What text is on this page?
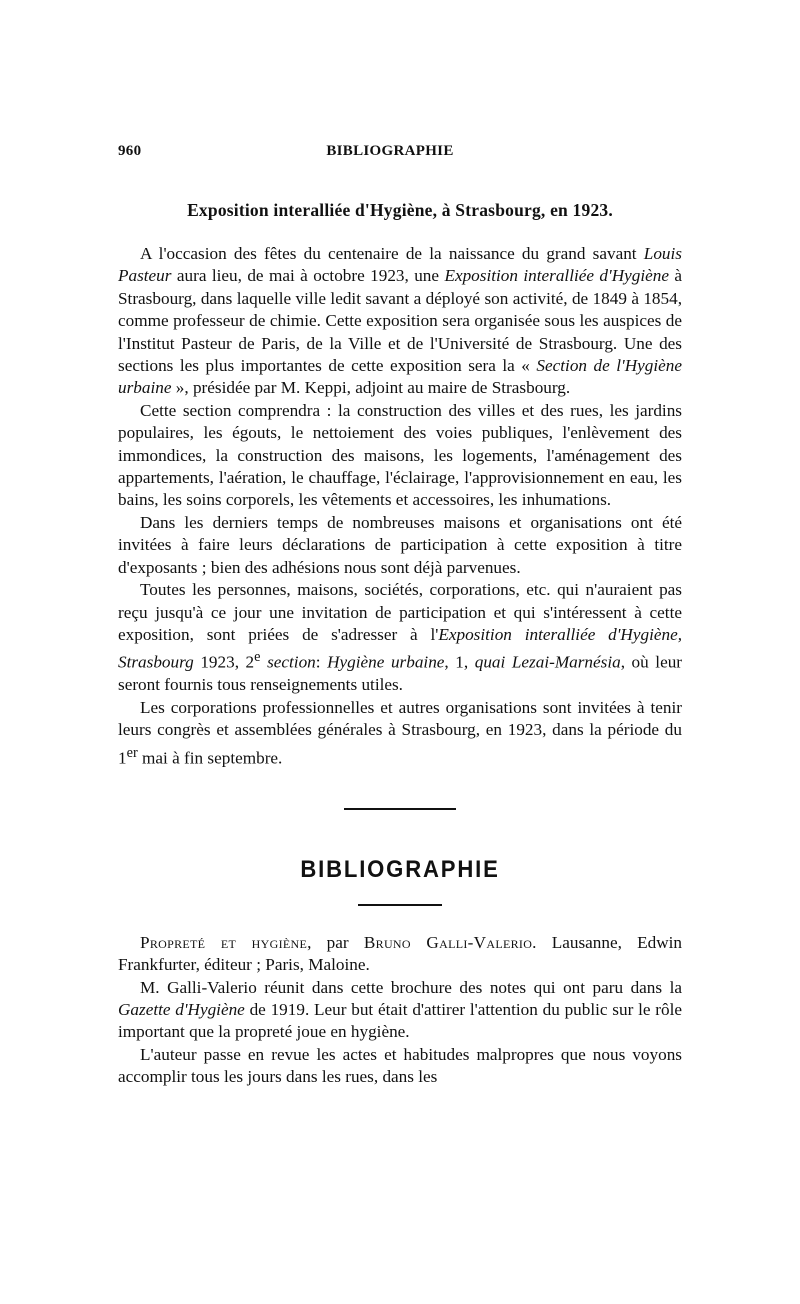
960	BIBLIOGRAPHIE
Exposition interalliée d'Hygiène, à Strasbourg, en 1923.

A l'occasion des fêtes du centenaire de la naissance du grand savant Louis Pasteur aura lieu, de mai à octobre 1923, une Exposition interalliée d'Hygiène à Strasbourg, dans laquelle ville ledit savant a déployé son activité, de 1849 à 1854, comme professeur de chimie. Cette exposition sera organisée sous les auspices de l'Institut Pasteur de Paris, de la Ville et de l'Université de Strasbourg. Une des sections les plus importantes de cette exposition sera la « Section de l'Hygiène urbaine », présidée par M. Keppi, adjoint au maire de Strasbourg.

Cette section comprendra : la construction des villes et des rues, les jardins populaires, les égouts, le nettoiement des voies publiques, l'enlèvement des immondices, la construction des maisons, les logements, l'aménagement des appartements, l'aération, le chauffage, l'éclairage, l'approvisionnement en eau, les bains, les soins corporels, les vêtements et accessoires, les inhumations.

Dans les derniers temps de nombreuses maisons et organisations ont été invitées à faire leurs déclarations de participation à cette exposition à titre d'exposants ; bien des adhésions nous sont déjà parvenues.

Toutes les personnes, maisons, sociétés, corporations, etc. qui n'auraient pas reçu jusqu'à ce jour une invitation de participation et qui s'intéressent à cette exposition, sont priées de s'adresser à l'Exposition interalliée d'Hygiène, Strasbourg 1923, 2e section: Hygiène urbaine, 1, quai Lezai-Marnésia, où leur seront fournis tous renseignements utiles.

Les corporations professionnelles et autres organisations sont invitées à tenir leurs congrès et assemblées générales à Strasbourg, en 1923, dans la période du 1er mai à fin septembre.

BIBLIOGRAPHIE

Propreté et hygiène, par Bruno Galli-Valerio. Lausanne, Edwin Frankfurter, éditeur ; Paris, Maloine.

M. Galli-Valerio réunit dans cette brochure des notes qui ont paru dans la Gazette d'Hygiène de 1919. Leur but était d'attirer l'attention du public sur le rôle important que la propreté joue en hygiène.

L'auteur passe en revue les actes et habitudes malpropres que nous voyons accomplir tous les jours dans les rues, dans les
